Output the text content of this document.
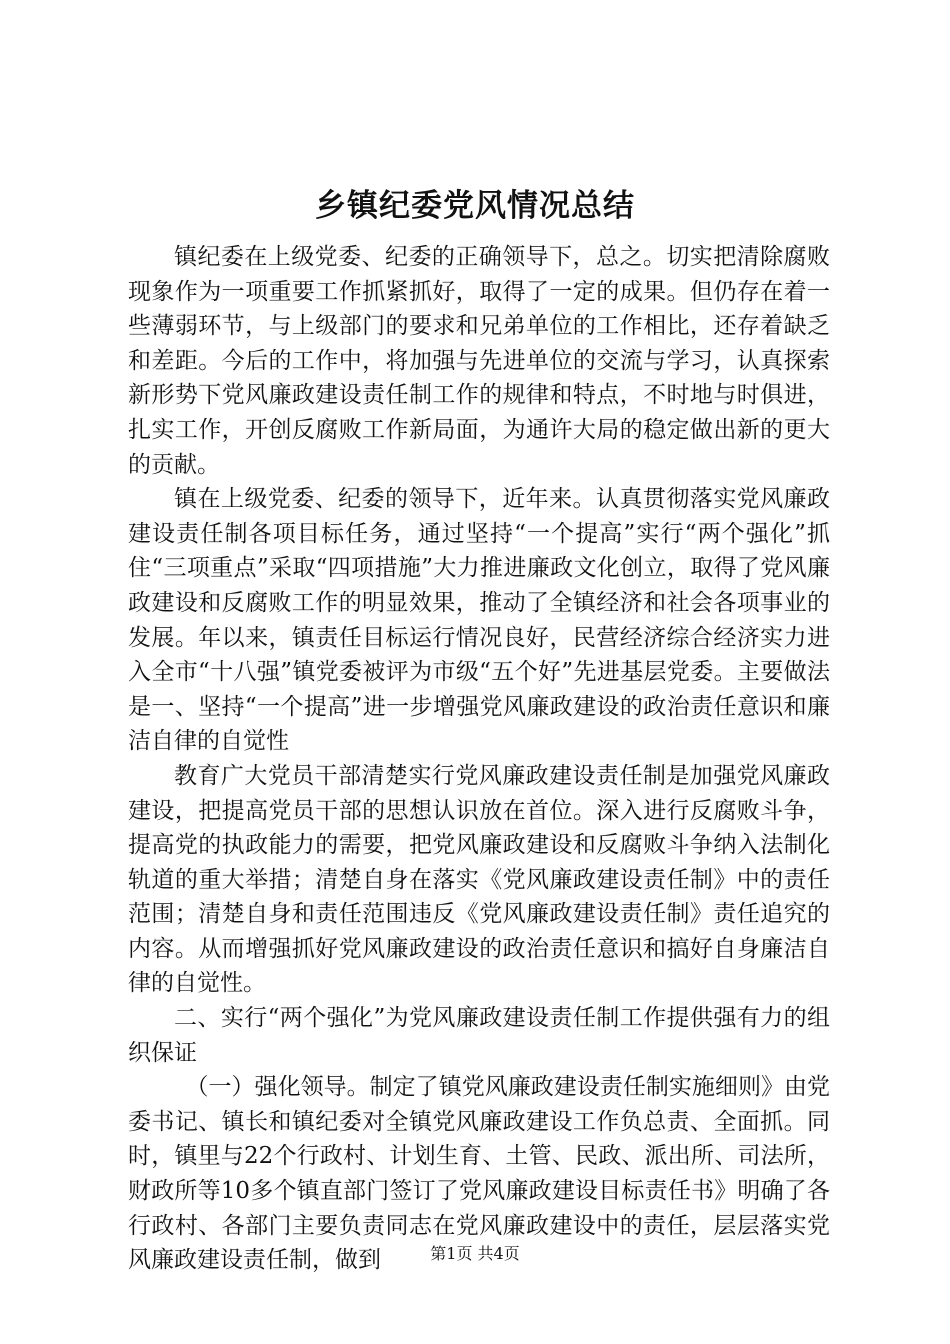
乡镇纪委党风情况总结

镇纪委在上级党委、纪委的正确领导下，总之。切实把清除腐败现象作为一项重要工作抓紧抓好，取得了一定的成果。但仍存在着一些薄弱环节，与上级部门的要求和兄弟单位的工作相比，还存着缺乏和差距。今后的工作中，将加强与先进单位的交流与学习，认真探索新形势下党风廉政建设责任制工作的规律和特点，不时地与时俱进，扎实工作，开创反腐败工作新局面，为通许大局的稳定做出新的更大的贡献。

镇在上级党委、纪委的领导下，近年来。认真贯彻落实党风廉政建设责任制各项目标任务，通过坚持“一个提高”实行“两个强化”抓住“三项重点”采取“四项措施”大力推进廉政文化创立，取得了党风廉政建设和反腐败工作的明显效果，推动了全镇经济和社会各项事业的发展。年以来，镇责任目标运行情况良好，民营经济综合经济实力进入全市“十八强”镇党委被评为市级“五个好”先进基层党委。主要做法是一、坚持“一个提高”进一步增强党风廉政建设的政治责任意识和廉洁自律的自觉性

教育广大党员干部清楚实行党风廉政建设责任制是加强党风廉政建设，把提高党员干部的思想认识放在首位。深入进行反腐败斗争，提高党的执政能力的需要，把党风廉政建设和反腐败斗争纳入法制化轨道的重大举措；清楚自身在落实《党风廉政建设责任制》中的责任范围；清楚自身和责任范围违反《党风廉政建设责任制》责任追究的内容。从而增强抓好党风廉政建设的政治责任意识和搞好自身廉洁自律的自觉性。

二、实行“两个强化”为党风廉政建设责任制工作提供强有力的组织保证

（一）强化领导。制定了镇党风廉政建设责任制实施细则》由党委书记、镇长和镇纪委对全镇党风廉政建设工作负总责、全面抓。同时，镇里与22个行政村、计划生育、土管、民政、派出所、司法所，财政所等10多个镇直部门签订了党风廉政建设目标责任书》明确了各行政村、各部门主要负责同志在党风廉政建设中的责任，层层落实党风廉政建设责任制，做到	第1页 共4页
